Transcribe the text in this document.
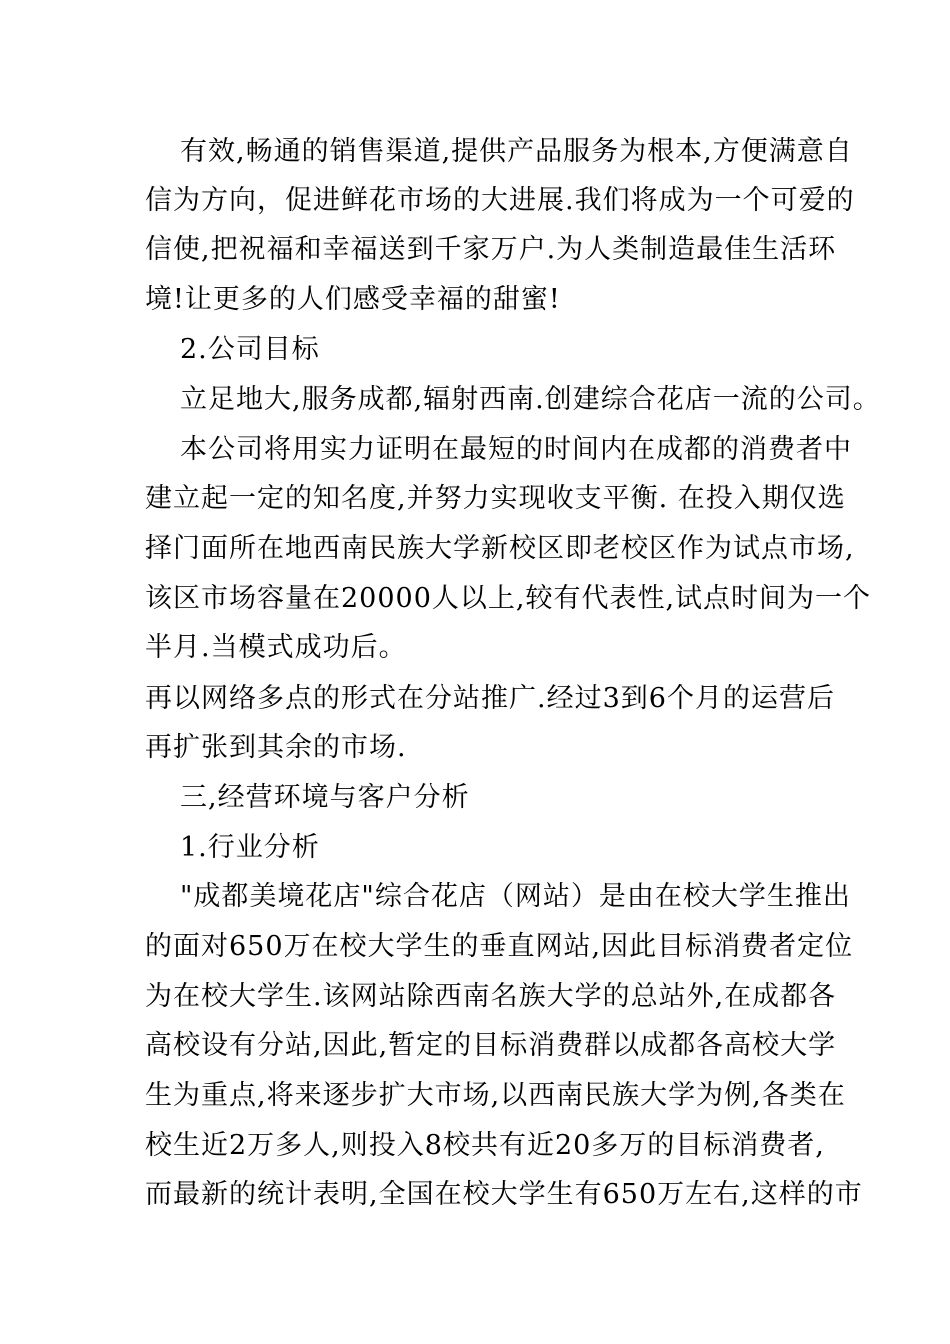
有效,畅通的销售渠道,提供产品服务为根本,方便满意自
信为方向，促进鲜花市场的大进展.我们将成为一个可爱的
信使,把祝福和幸福送到千家万户.为人类制造最佳生活环
境!让更多的人们感受幸福的甜蜜!
2.公司目标
立足地大,服务成都,辐射西南.创建综合花店一流的公司。
本公司将用实力证明在最短的时间内在成都的消费者中
建立起一定的知名度,并努力实现收支平衡. 在投入期仅选
择门面所在地西南民族大学新校区即老校区作为试点市场,
该区市场容量在20000人以上,较有代表性,试点时间为一个
半月.当模式成功后。
再以网络多点的形式在分站推广.经过3到6个月的运营后
再扩张到其余的市场.
三,经营环境与客户分析
1.行业分析
"成都美境花店"综合花店（网站）是由在校大学生推出
的面对650万在校大学生的垂直网站,因此目标消费者定位
为在校大学生.该网站除西南名族大学的总站外,在成都各
高校设有分站,因此,暂定的目标消费群以成都各高校大学
生为重点,将来逐步扩大市场,以西南民族大学为例,各类在
校生近2万多人,则投入8校共有近20多万的目标消费者,
而最新的统计表明,全国在校大学生有650万左右,这样的市
